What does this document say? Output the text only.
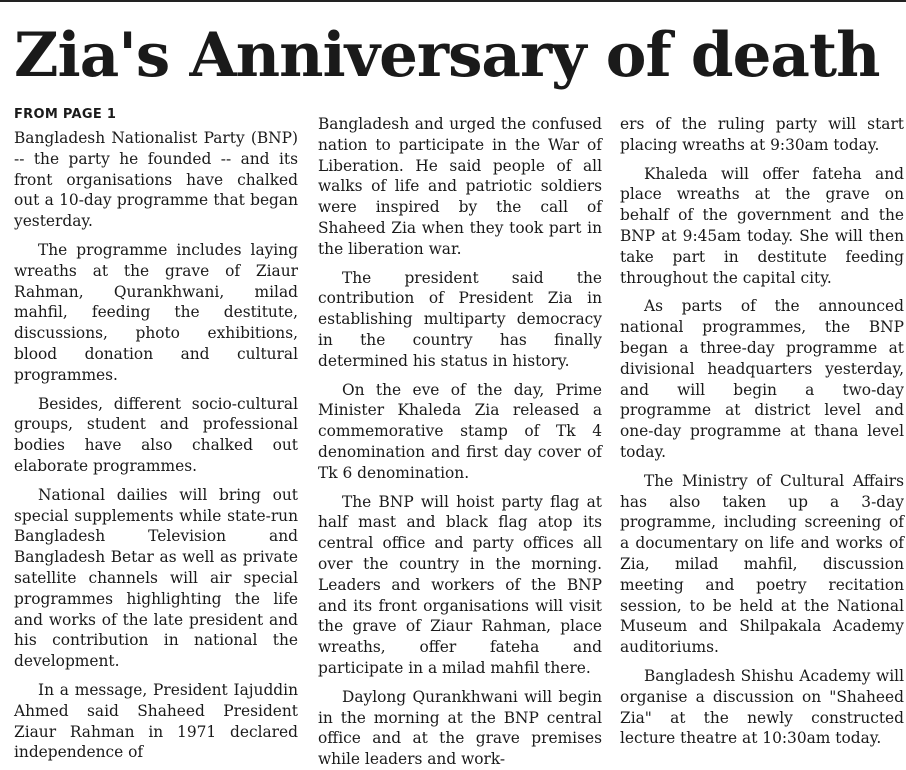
Zia's Anniversary of death
FROM PAGE 1

Bangladesh Nationalist Party (BNP) -- the party he founded -- and its front organisations have chalked out a 10-day programme that began yesterday.

The programme includes laying wreaths at the grave of Ziaur Rahman, Qurankhwani, milad mahfil, feeding the destitute, discussions, photo exhibitions, blood donation and cultural programmes.

Besides, different socio-cultural groups, student and professional bodies have also chalked out elaborate programmes.

National dailies will bring out special supplements while state-run Bangladesh Television and Bangladesh Betar as well as private satellite channels will air special programmes highlighting the life and works of the late president and his contribution in national the development.

In a message, President Iajuddin Ahmed said Shaheed President Ziaur Rahman in 1971 declared independence of

Bangladesh and urged the confused nation to participate in the War of Liberation. He said people of all walks of life and patriotic soldiers were inspired by the call of Shaheed Zia when they took part in the liberation war.

The president said the contribution of President Zia in establishing multiparty democracy in the country has finally determined his status in history.

On the eve of the day, Prime Minister Khaleda Zia released a commemorative stamp of Tk 4 denomination and first day cover of Tk 6 denomination.

The BNP will hoist party flag at half mast and black flag atop its central office and party offices all over the country in the morning. Leaders and workers of the BNP and its front organisations will visit the grave of Ziaur Rahman, place wreaths, offer fateha and participate in a milad mahfil there.

Daylong Qurankhwani will begin in the morning at the BNP central office and at the grave premises while leaders and work-

ers of the ruling party will start placing wreaths at 9:30am today.

Khaleda will offer fateha and place wreaths at the grave on behalf of the government and the BNP at 9:45am today. She will then take part in destitute feeding throughout the capital city.

As parts of the announced national programmes, the BNP began a three-day programme at divisional headquarters yesterday, and will begin a two-day programme at district level and one-day programme at thana level today.

The Ministry of Cultural Affairs has also taken up a 3-day programme, including screening of a documentary on life and works of Zia, milad mahfil, discussion meeting and poetry recitation session, to be held at the National Museum and Shilpakala Academy auditoriums.

Bangladesh Shishu Academy will organise a discussion on "Shaheed Zia" at the newly constructed lecture theatre at 10:30am today.
